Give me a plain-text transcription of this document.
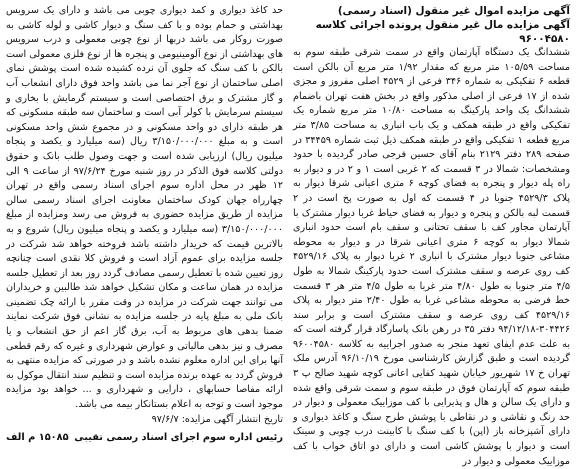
آگهی مزایده اموال غیر منقول (اسناد رسمی)

آگهی مزایده مال غیر منقول پرونده اجرائی کلاسه ۹۶۰۰۴۵۸۰

ششدانگ یک دستگاه آپارتمان واقع در سمت شرقی طبقه سوم به مساحت ۱۰۵/۵۹ متر مربع که مقدار ۱/۹۲ متر مربع آن بالکن است قطعه ۶ تفکیکی به شماره ۳۴۶ فرعی از ۴۵۲۹ اصلی مفروز و مجزی شده از ۱۷ فرعی از اصلی مذکور واقع در بخش هفت تهران باضمام ششدانگ یک واحد پارکینگ به مساحت ۱۰/۸۰ متر مربع شماره یک تفکیکی واقع در طبقه همکف و یک باب انباری به مساحت ۳/۸۵ متر مربع قطعه ۱ تفکیکی واقع در طبقه همکف ذیل ثبت شماره ۳۴۴۵۹ در صفحه ۲۸۹ دفتر ۲۱۲۹ بنام آقای حسین فرجی صادر گردیده با حدود ومشخصات: شمالا در ۳ قسمت که ۲ غربی است ۱ و ۲ در و دیوار به راه پله دیوار و پنجره به فضای کوچه ۶ متری اعیانی شرقا دیوار به پلاک ۴۵۲۹/۳ جنوبا در ۴ قسمت که اول به صورت پخ است در ۲ قسمت لبه بالکن و پنجره و دیوار به فضای حیاط غربا دیوار مشترک با آپارتمان مجاور کف با سقف تحتانی و سقف بام است حدود انباری شمالا دیوار به کوچه ۶ متری اعیانی شرقا در و دیوار به محوطه مشاعی جنوبا دیوار مشترک با انباری ۲ غربا دیوار به پلاک ۴۵۲۹/۱۶ کف روی عرصه و سقف مشترک است حدود پارکینگ شمالا به طول ۴/۵ متر جنوبا به طول ۴/۸۰ متر غربا به طول ۴/۵ متر هر ۳ قسمت خط فرضی به محوطه مشاعی غربا به طول ۲/۴۰ متر دیوار به پلاک ۴۵۲۹/۱۶ کف روی عرصه و سقف مشترک است و برابر سند ۳۰۴۴۲۶-۹۴/۱۲/۱۸ دفتر ۳۵ در رهن بانک پاسارگاد قرار گرفته است که به علت عدم ایفای تعهد منجر به صدور اجراییه به کلاسه ۹۶۰۰۴۵۸۰ گردیده است و طبق گزارش کارشناسی مورخ ۹۶/۱۰/۱۹ آدرس ملک تهران خ ۱۷ شهریور خیابان شهید کفایی اعانی کوچه شهید صالح پ ۳ طبقه سوم که آپارتمان فوق در طبقه سوم و سمت شرقی واقع شده و دارای یک سالن و هال و پذیرایی با کف موزاییک معمولی و دیوار در حد رنگ و نقاشی و در نقاطی با پوشش طرح سنگ و کاغذ دیواری و دارای آشپزخانه باز (اپن) با کف سنگ با کابینت درب چوبی و سینک است و دیوار با پوشش کاشی است و دارای دو اتاق خواب با کف موزاییک معمولی و دیوار در

حد کاغذ دیواری و کمد دیواری چوبی می باشد و دارای یک سرویس بهداشتی و حمام بوده و با کف سنگ و دیوار کاشی و لوله کاشی به صورت روکار می باشد دربها از نوع چوبی معمولی و درب سرویس های بهداشتی از نوع آلومینیومی و پنجره ها از نوع فلزی معمولی است بالکن با کف سنگ که جلوی آن نرده کشیده شده است پوشش نمای اصلی ساختمان از نوع آجر نما می باشد واحد فوق دارای انشعاب آب و گاز مشترک و برق اختصاصی است و سیستم گرمایش با بخاری و سیستم سرمایش با کولر آبی است و ساختمان سه طبقه مسکونی که هر طبقه دارای دو واحد مسکونی و در مجموع شش واحد مسکونی است و به مبلغ ۳/۱۵۰/۰۰۰/۰۰۰ ریال (سه میلیارد و یکصد و پنجاه میلیون ریال) ارزیابی شده است و جهت وصول طلب بانک و حقوق دولتی کلاسه فوق الذکر در روز شنبه مورخ ۹۷/۶/۲۴ از ساعت ۹ الی ۱۲ ظهر در محل اداره سوم اجرای اسناد رسمی واقع در تهران چهارراه جهان کودک ساختمان معاونت اجرای اسناد رسمی سالن مزایده از طریق مزایده حضوری به فروش می رسد ومزایده از مبلغ ۳/۱۵۰/۰۰۰/۰۰۰ (سه میلیارد و یکصد و پنجاه میلیون ریال) شروع و به بالاترین قیمت که خریدار داشته باشد فروخته خواهد شد شرکت در جلسه مزایده برای عموم آزاد است و فروش کلا نقدی است چنانچه روز تعیین شده با تعطیل رسمی مصادف گردد روز بعد از تعطیل جلسه مزایده در همان ساعت و مکان تشکیل خواهد شد طالبین و خریداران می توانند جهت شرکت در مزایده در وقت مقرر با ارائه چک تضمینی بانک ملی به مبلغ پایه در جلسه مزایده به نشانی فوق شرکت نمایند ضمنا بدهی های مربوط به آب، برق گاز اعم از حق انشعاب و یا مصرف و نیز بدهی مالیاتی و عوارض شهرداری و غیره که رقم قطعی آنها برای این اداره معلوم نشده باشد و در صورتی که مزایده منتهی به فروش گردد به عهده برنده مزایده است و تنظیم سند انتقال موکول به ارائه مفاصا حسابهای ، دارایی و شهرداری و ... خواهد بود مزایده موجود است و توجه به اعلام بستانکار بیمه می باشد.

تاریخ انتشار آگهی مزایده: ۹۷/۶/۷

رئیس اداره سوم اجرای اسناد رسمی تقیبی
۱۵۰۸۵ م الف
